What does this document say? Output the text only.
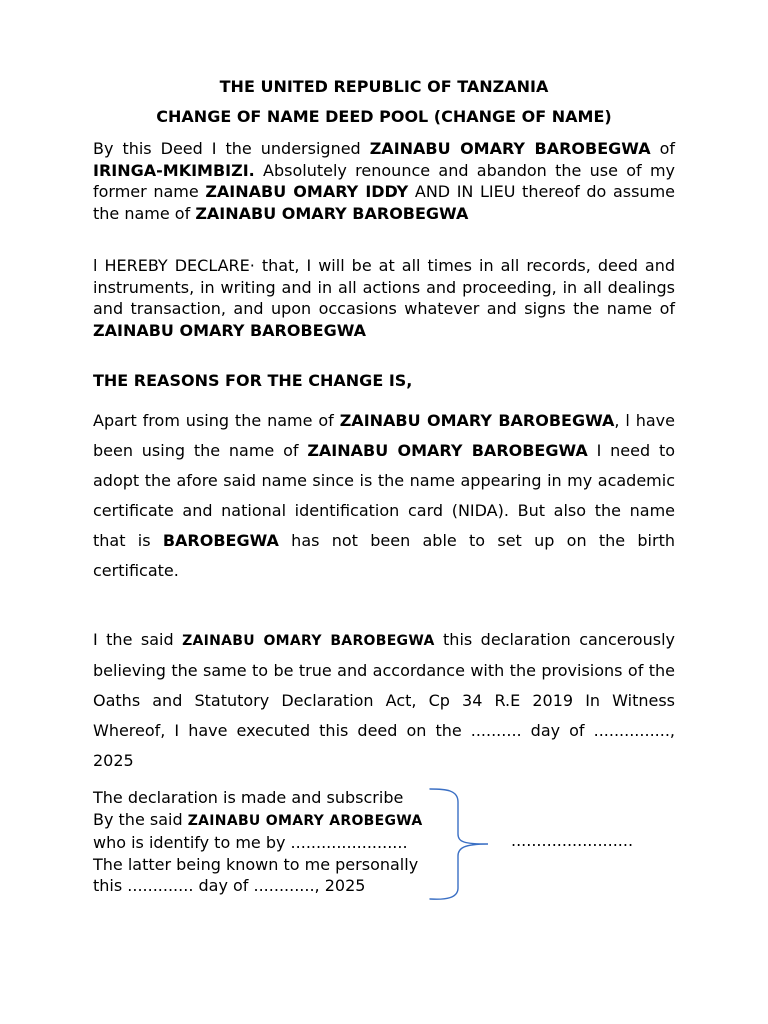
THE UNITED REPUBLIC OF TANZANIA

CHANGE OF NAME DEED POOL (CHANGE OF NAME)

By this Deed I the undersigned ZAINABU OMARY BAROBEGWA of IRINGA-MKIMBIZI. Absolutely renounce and abandon the use of my former name ZAINABU OMARY IDDY AND IN LIEU thereof do assume the name of ZAINABU OMARY BAROBEGWA

l HEREBY DECLARE· that, I will be at all times in all records, deed and instruments, in writing and in all actions and proceeding, in all dealings and transaction, and upon occasions whatever and signs the name of ZAINABU OMARY BAROBEGWA

THE REASONS FOR THE CHANGE IS,

Apart from using the name of ZAINABU OMARY BAROBEGWA, l have been using the name of ZAINABU OMARY BAROBEGWA I need to adopt the afore said name since is the name appearing in my academic certificate and national identification card (NIDA). But also the name that is BAROBEGWA has not been able to set up on the birth certificate.

I the said ZAINABU OMARY BAROBEGWA this declaration cancerously believing the same to be true and accordance with the provisions of the Oaths and Statutory Declaration Act, Cp 34 R.E 2019 In Witness Whereof, I have executed this deed on the .......... day of ..............., 2025

The declaration is made and subscribe
By the said ZAINABU OMARY AROBEGWA
who is identify to me by .......................
The latter being known to me personally
this ............. day of ............, 2025
........................
